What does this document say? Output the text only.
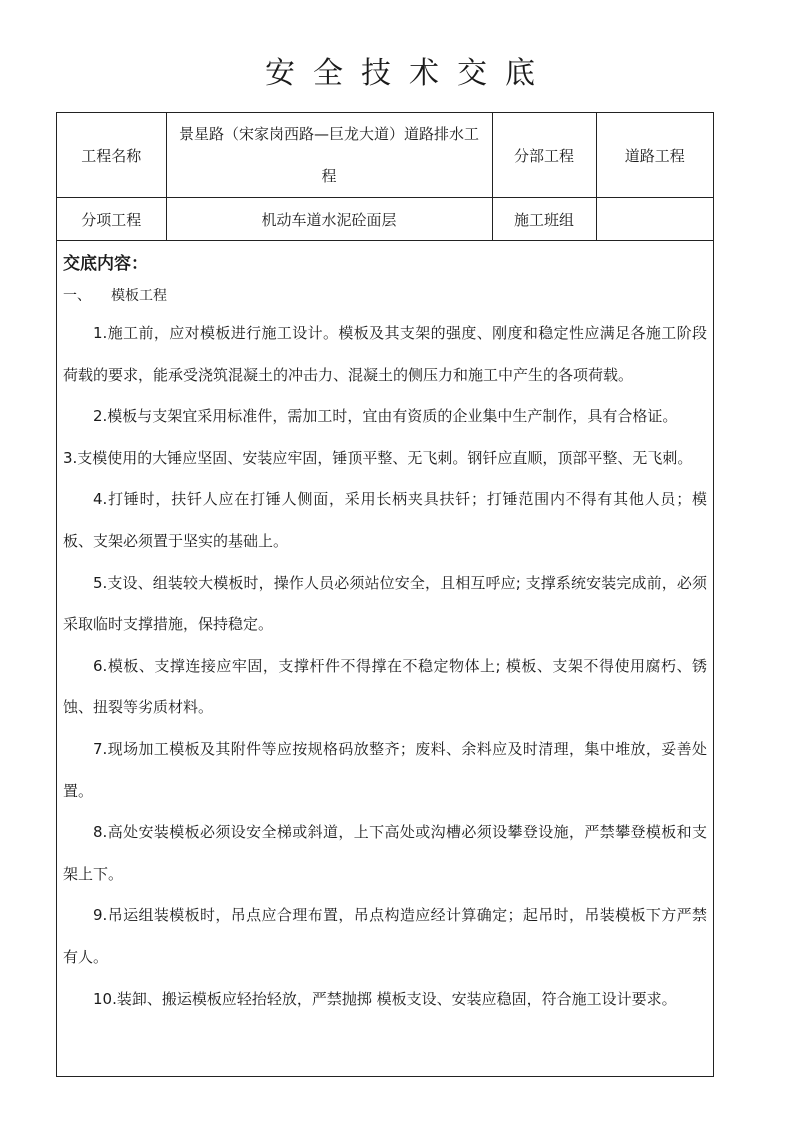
安全技术交底
工程名称	景星路（宋家岗西路—巨龙大道）道路排水工程	分部工程	道路工程
分项工程	机动车道水泥砼面层	施工班组	
交底内容：
一、 模板工程

1.施工前，应对模板进行施工设计。模板及其支架的强度、刚度和稳定性应满足各施工阶段荷载的要求，能承受浇筑混凝土的冲击力、混凝土的侧压力和施工中产生的各项荷载。

2.模板与支架宜采用标准件，需加工时，宜由有资质的企业集中生产制作，具有合格证。

3.支模使用的大锤应坚固、安装应牢固，锤顶平整、无飞刺。钢钎应直顺，顶部平整、无飞刺。

4.打锤时，扶钎人应在打锤人侧面，采用长柄夹具扶钎；打锤范围内不得有其他人员；模板、支架必须置于坚实的基础上。

5.支设、组装较大模板时，操作人员必须站位安全，且相互呼应; 支撑系统安装完成前，必须采取临时支撑措施，保持稳定。

6.模板、支撑连接应牢固，支撑杆件不得撑在不稳定物体上; 模板、支架不得使用腐朽、锈蚀、扭裂等劣质材料。

7.现场加工模板及其附件等应按规格码放整齐；废料、余料应及时清理，集中堆放，妥善处置。

8.高处安装模板必须设安全梯或斜道，上下高处或沟槽必须设攀登设施，严禁攀登模板和支架上下。

9.吊运组装模板时，吊点应合理布置，吊点构造应经计算确定；起吊时，吊装模板下方严禁有人。

10.装卸、搬运模板应轻抬轻放，严禁抛掷 模板支设、安装应稳固，符合施工设计要求。
